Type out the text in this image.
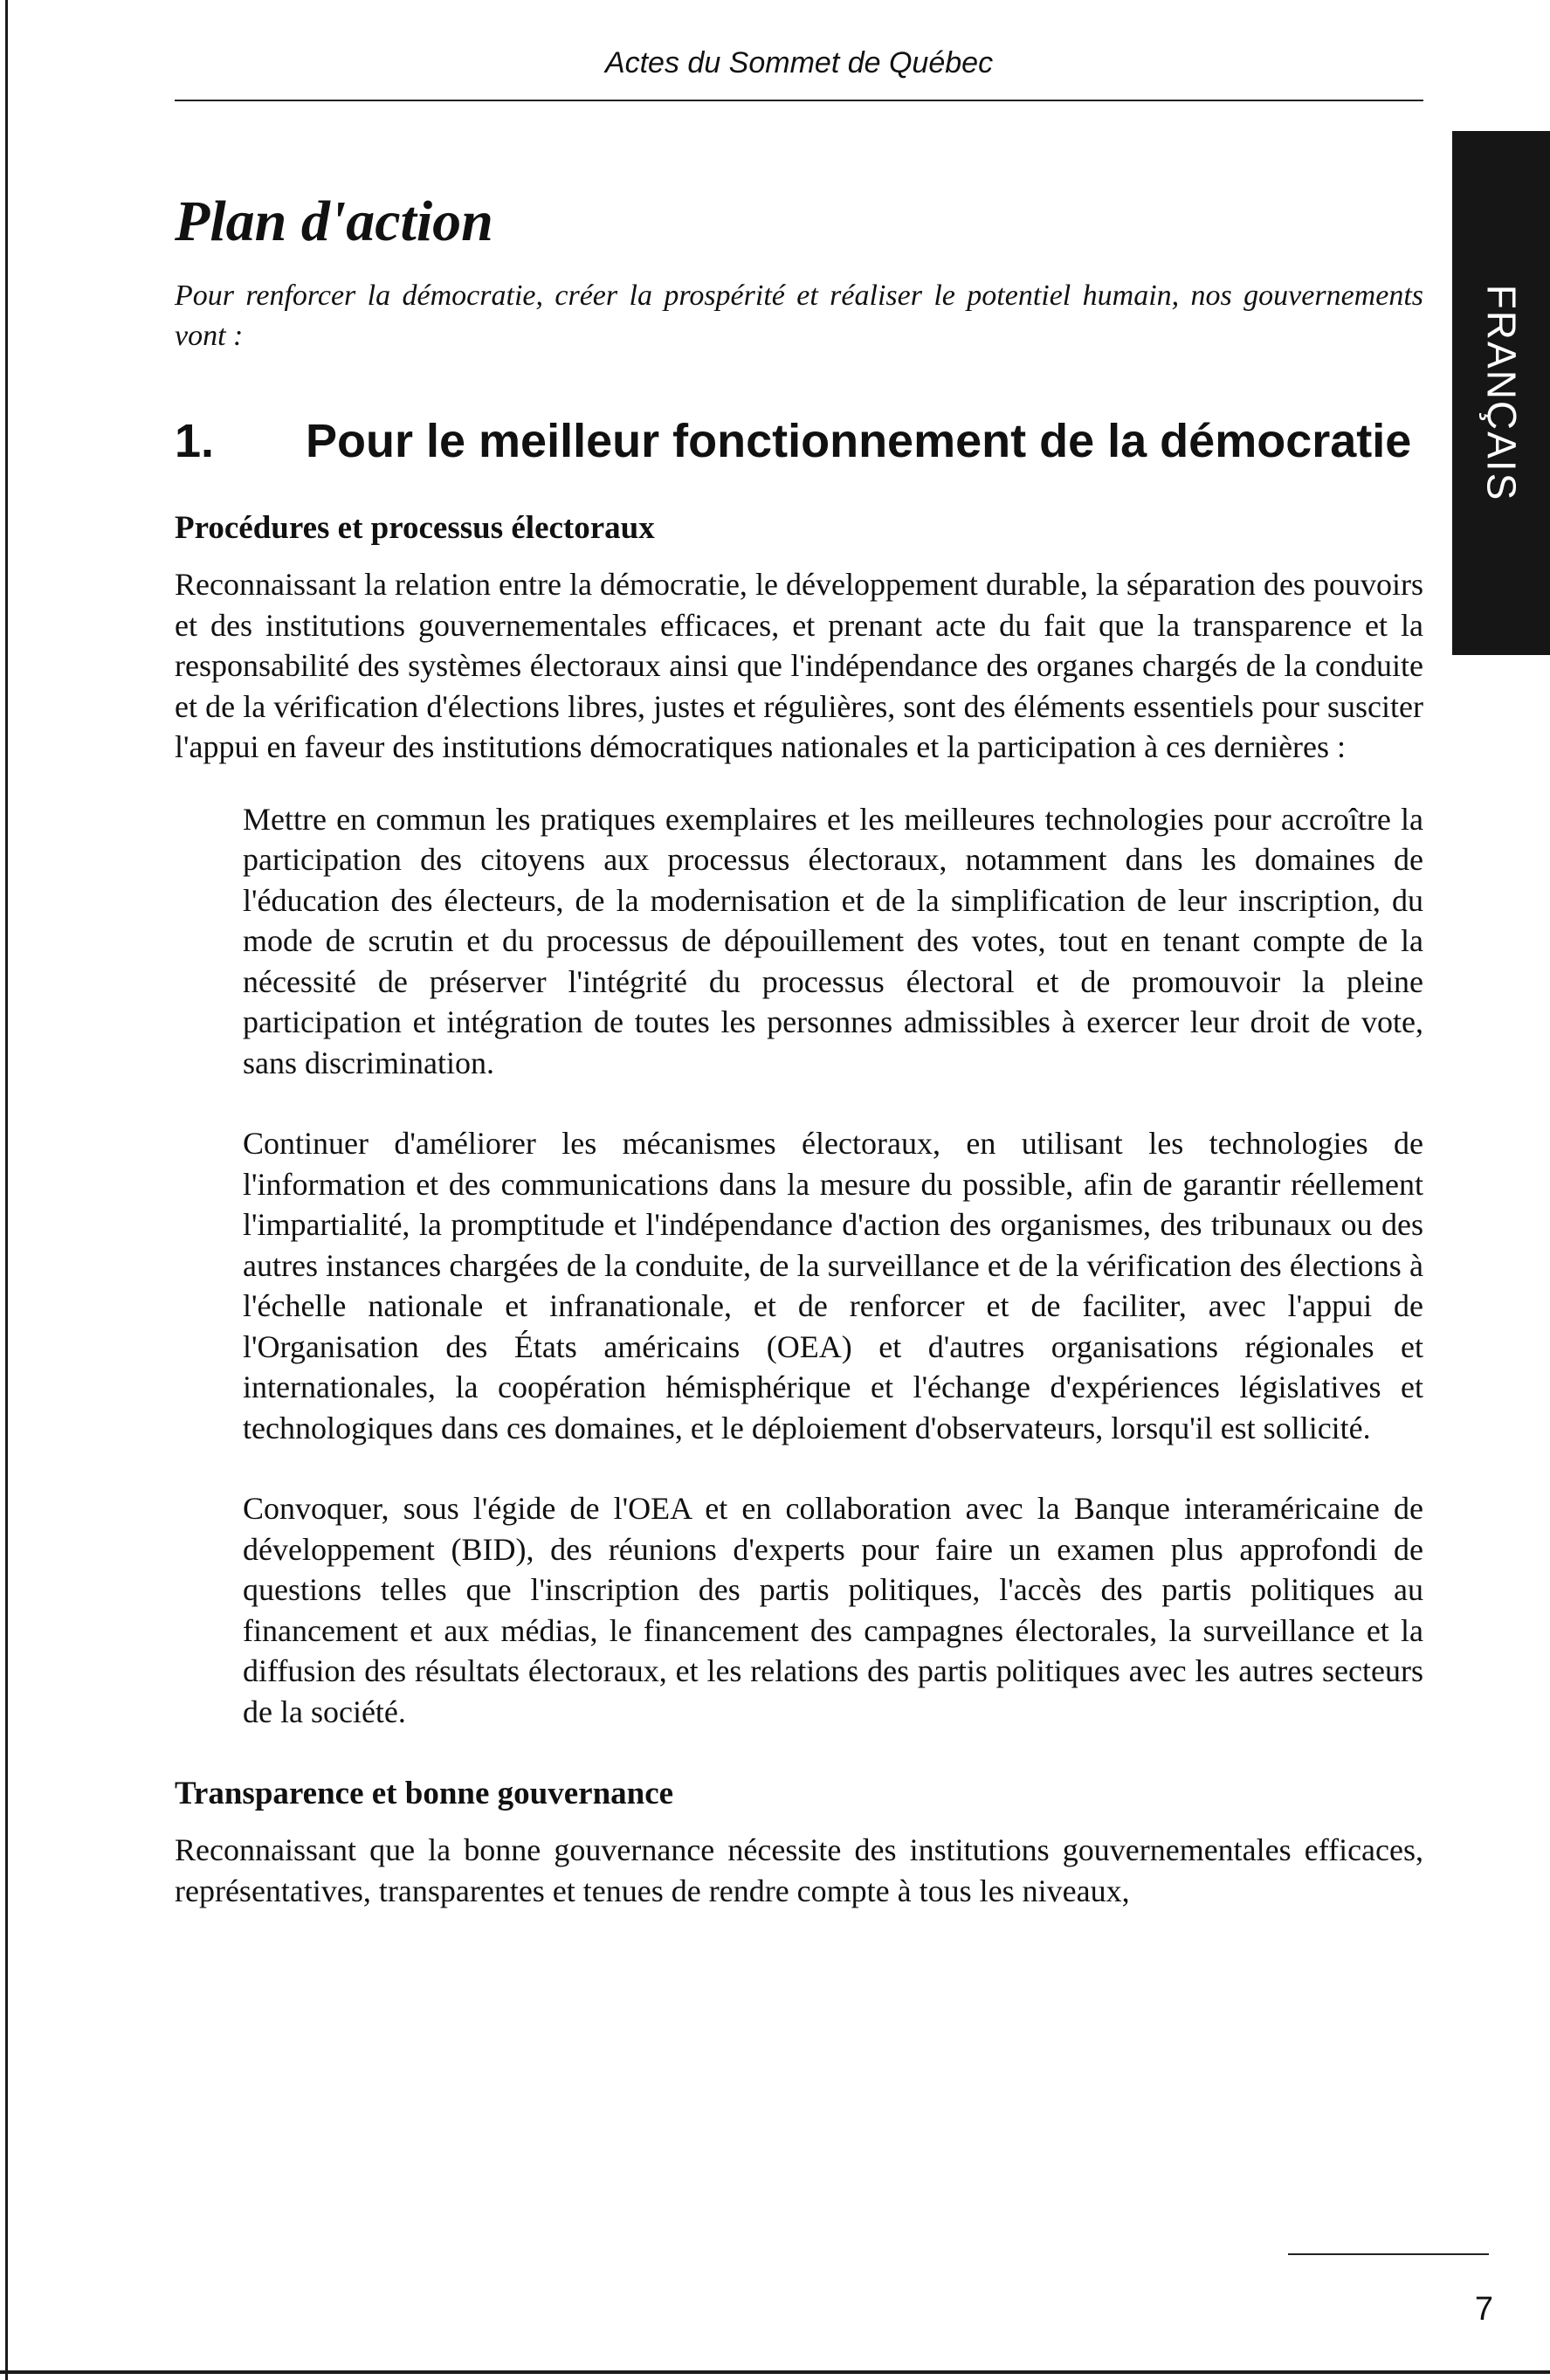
Actes du Sommet de Québec
FRANÇAIS
Plan d'action

Pour renforcer la démocratie, créer la prospérité et réaliser le potentiel humain, nos gouvernements vont :

1. Pour le meilleur fonctionnement de la démocratie
Procédures et processus électoraux

Reconnaissant la relation entre la démocratie, le développement durable, la séparation des pouvoirs et des institutions gouvernementales efficaces, et prenant acte du fait que la transparence et la responsabilité des systèmes électoraux ainsi que l'indépendance des organes chargés de la conduite et de la vérification d'élections libres, justes et régulières, sont des éléments essentiels pour susciter l'appui en faveur des institutions démocratiques nationales et la participation à ces dernières :

Mettre en commun les pratiques exemplaires et les meilleures technologies pour accroître la participation des citoyens aux processus électoraux, notamment dans les domaines de l'éducation des électeurs, de la modernisation et de la simplification de leur inscription, du mode de scrutin et du processus de dépouillement des votes, tout en tenant compte de la nécessité de préserver l'intégrité du processus électoral et de promouvoir la pleine participation et intégration de toutes les personnes admissibles à exercer leur droit de vote, sans discrimination.

Continuer d'améliorer les mécanismes électoraux, en utilisant les technologies de l'information et des communications dans la mesure du possible, afin de garantir réellement l'impartialité, la promptitude et l'indépendance d'action des organismes, des tribunaux ou des autres instances chargées de la conduite, de la surveillance et de la vérification des élections à l'échelle nationale et infranationale, et de renforcer et de faciliter, avec l'appui de l'Organisation des États américains (OEA) et d'autres organisations régionales et internationales, la coopération hémisphérique et l'échange d'expériences législatives et technologiques dans ces domaines, et le déploiement d'observateurs, lorsqu'il est sollicité.

Convoquer, sous l'égide de l'OEA et en collaboration avec la Banque interaméricaine de développement (BID), des réunions d'experts pour faire un examen plus approfondi de questions telles que l'inscription des partis politiques, l'accès des partis politiques au financement et aux médias, le financement des campagnes électorales, la surveillance et la diffusion des résultats électoraux, et les relations des partis politiques avec les autres secteurs de la société.

Transparence et bonne gouvernance

Reconnaissant que la bonne gouvernance nécessite des institutions gouvernementales efficaces, représentatives, transparentes et tenues de rendre compte à tous les niveaux,

7
